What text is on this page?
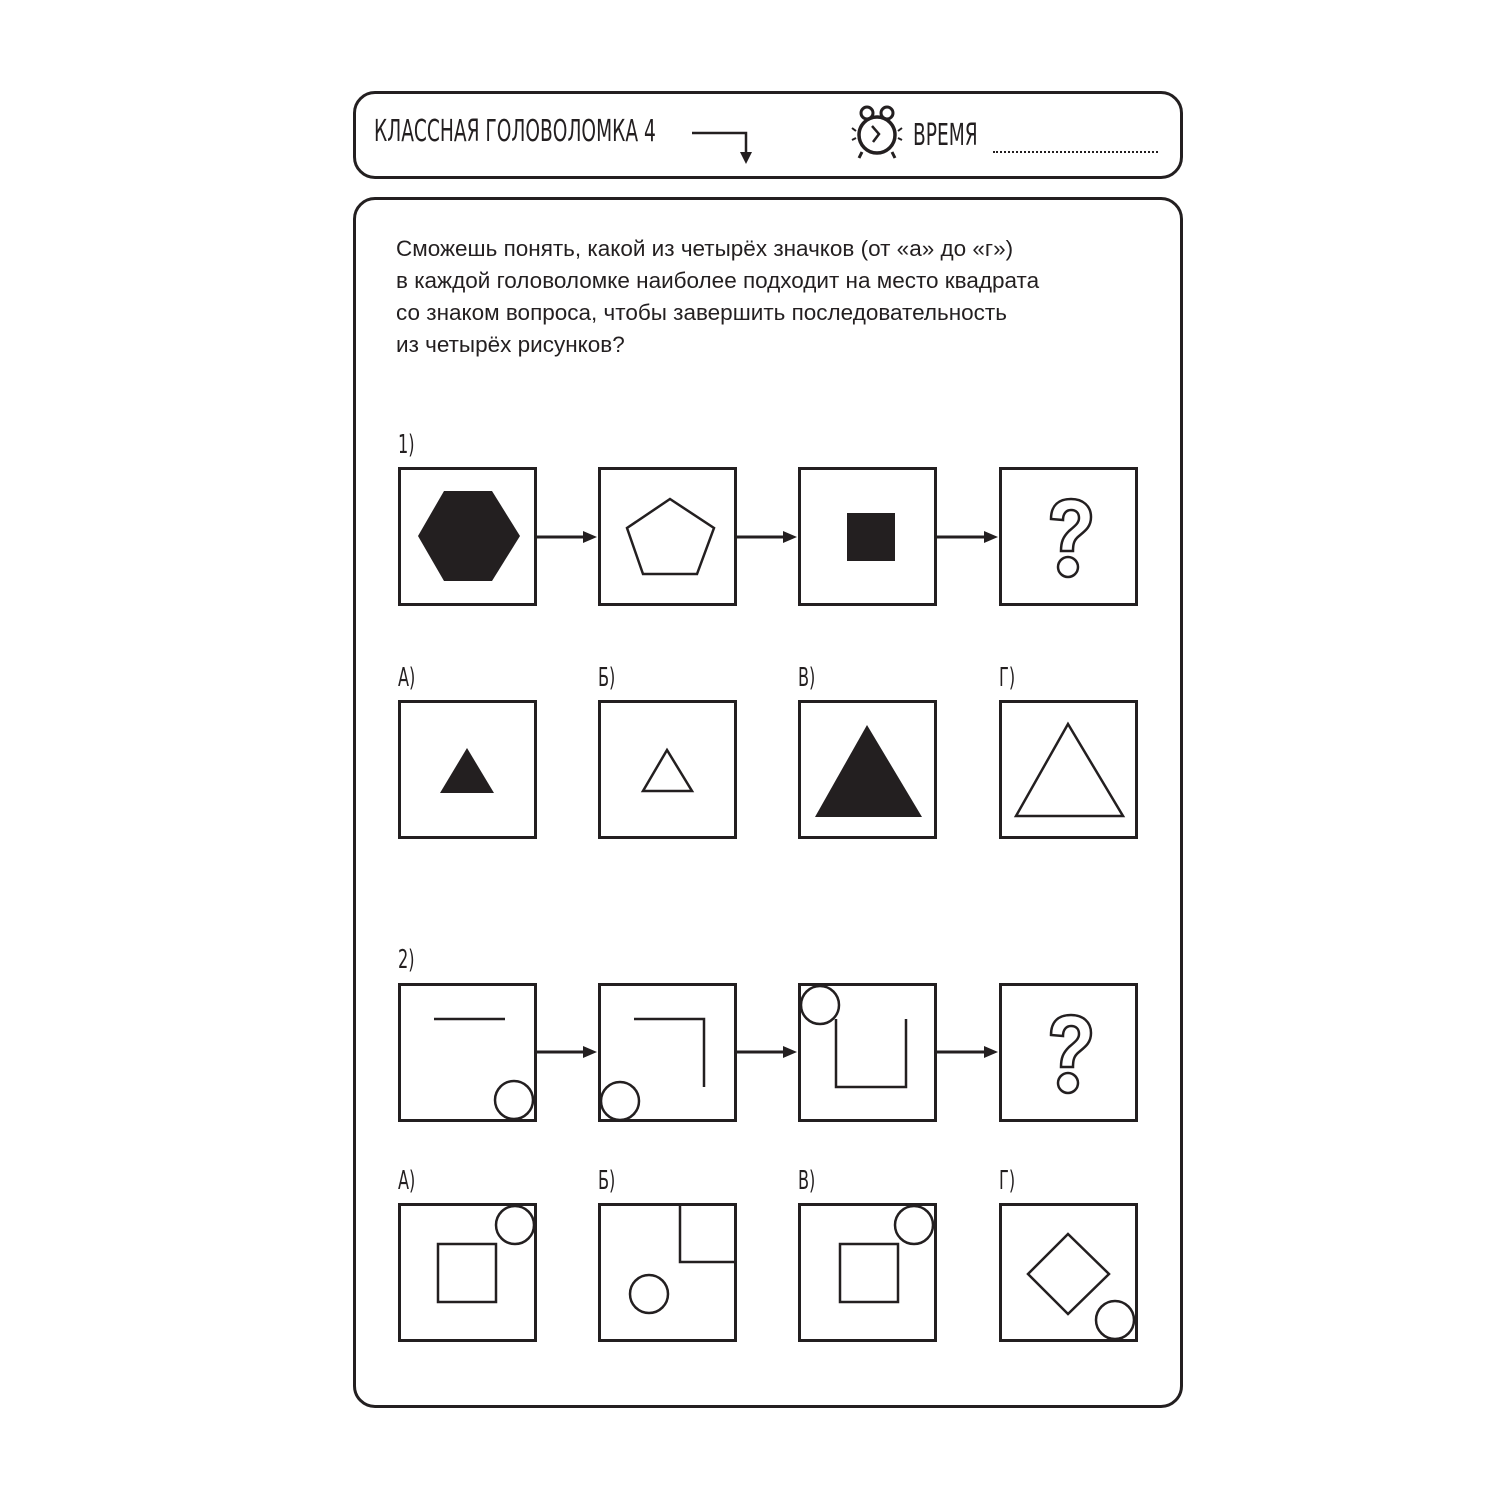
КЛАССНАЯ ГОЛОВОЛОМКА 4	ВРЕМЯ
Сможешь понять, какой из четырёх значков (от «а» до «г»)
в каждой головоломке наиболее подходит на место квадрата
со знаком вопроса, чтобы завершить последовательность
из четырёх рисунков?
1)
А)	Б)	В)	Г)
2)
А)	Б)	В)	Г)
